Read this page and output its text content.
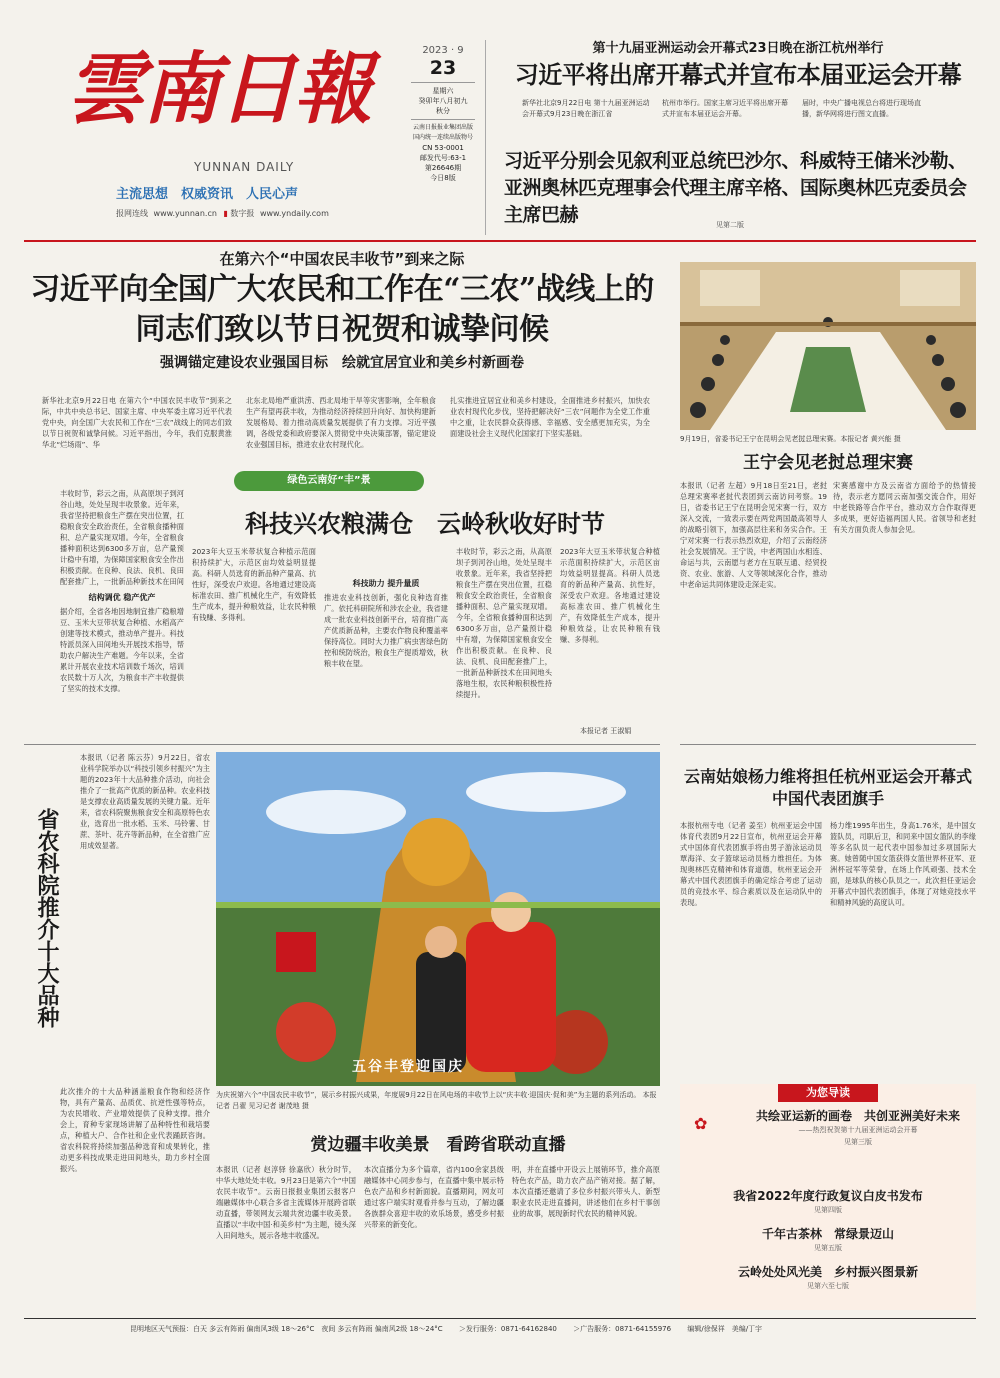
雲南日報
YUNNAN DAILY
主流思想　权威资讯　人民心声
报网连线 www.yunnan.cn ▮ 数字报 www.yndaily.com
2023 · 9
23
星期六
癸卯年八月初九
秋分
云南日报报业集团出版
国内统一连续出版物号
CN 53-0001
邮发代号:63-1
第26646期
今日8版
第十九届亚洲运动会开幕式23日晚在浙江杭州举行
习近平将出席开幕式并宣布本届亚运会开幕
新华社北京9月22日电 第十九届亚洲运动会开幕式9月23日晚在浙江省
杭州市举行。国家主席习近平将出席开幕式并宣布本届亚运会开幕。
届时，中央广播电视总台将进行现场直播，新华网将进行图文直播。
习近平分别会见叙利亚总统巴沙尔、科威特王储米沙勒、亚洲奥林匹克理事会代理主席辛格、国际奥林匹克委员会主席巴赫	见第二版
在第六个“中国农民丰收节”到来之际
习近平向全国广大农民和工作在“三农”战线上的同志们致以节日祝贺和诚挚问候
强调锚定建设农业强国目标　绘就宜居宜业和美乡村新画卷
新华社北京9月22日电 在第六个“中国农民丰收节”到来之际，中共中央总书记、国家主席、中央军委主席习近平代表党中央，向全国广大农民和工作在“三农”战线上的同志们致以节日祝贺和诚挚问候。习近平指出，今年，我们克服黄淮华北“烂场雨”、华
北东北局地严重洪涝、西北局地干旱等灾害影响，全年粮食生产有望再获丰收，为推动经济持续回升向好、加快构建新发展格局、着力推动高质量发展提供了有力支撑。习近平强调，各级党委和政府要深入贯彻党中央决策部署，锚定建设农业强国目标，推进农业农村现代化。
扎实推进宜居宜业和美乡村建设，全面推进乡村振兴，加快农业农村现代化步伐，坚持把解决好“三农”问题作为全党工作重中之重，让农民群众获得感、幸福感、安全感更加充实，为全面建设社会主义现代化国家打下坚实基础。
9月19日，省委书记王宁在昆明会见老挝总理宋赛。本报记者 黄兴能 摄
王宁会见老挝总理宋赛
本报讯（记者 左超）9月18日至21日，老挝总理宋赛率老挝代表团到云南访问考察。19日，省委书记王宁在昆明会见宋赛一行，双方深入交流，一致表示要在两党两国最高领导人的战略引领下，加强高层往来和务实合作。王宁对宋赛一行表示热烈欢迎，介绍了云南经济社会发展情况。王宁说，中老两国山水相连、命运与共，云南愿与老方在互联互通、经贸投资、农业、旅游、人文等领域深化合作，推动中老命运共同体建设走深走实。
宋赛感谢中方及云南省方面给予的热情接待，表示老方愿同云南加强交流合作，用好中老铁路等合作平台，推动双方合作取得更多成果，更好造福两国人民。省领导和老挝有关方面负责人参加会见。
绿色云南好“丰”景
科技兴农粮满仓　云岭秋收好时节
丰收时节，彩云之南，从高原坝子到河谷山地，处处呈现丰收景象。近年来，我省坚持把粮食生产摆在突出位置，扛稳粮食安全政治责任，全省粮食播种面积、总产量实现双增。今年，全省粮食播种面积达到6300多万亩，总产量预计稳中有增，为保障国家粮食安全作出积极贡献。在良种、良法、良机、良田配套推广上，一批新品种新技术在田间
结构调优 稳产优产
据介绍，全省各地因地制宜推广稳粮增豆、玉米大豆带状复合种植、水稻高产创建等技术模式，推动单产提升。科技特派员深入田间地头开展技术指导，帮助农户解决生产难题。今年以来，全省累计开展农业技术培训数千场次，培训农民数十万人次，为粮食丰产丰收提供了坚实的技术支撑。
2023年大豆玉米带状复合种植示范面积持续扩大，示范区亩均效益明显提高。科研人员选育的新品种产量高、抗性好，深受农户欢迎。各地通过建设高标准农田、推广机械化生产，有效降低生产成本，提升种粮效益，让农民种粮有钱赚、多得利。
科技助力 提升量质
推进农业科技创新，强化良种选育推广。依托科研院所和涉农企业，我省建成一批农业科技创新平台，培育推广高产优质新品种，主要农作物良种覆盖率保持高位。同时大力推广病虫害绿色防控和统防统治，粮食生产提质增效，秋粮丰收在望。
丰收时节，彩云之南，从高原坝子到河谷山地，处处呈现丰收景象。近年来，我省坚持把粮食生产摆在突出位置，扛稳粮食安全政治责任，全省粮食播种面积、总产量实现双增。今年，全省粮食播种面积达到6300多万亩，总产量预计稳中有增，为保障国家粮食安全作出积极贡献。在良种、良法、良机、良田配套推广上，一批新品种新技术在田间地头落地生根，农民种粮积极性持续提升。
2023年大豆玉米带状复合种植示范面积持续扩大，示范区亩均效益明显提高。科研人员选育的新品种产量高、抗性好，深受农户欢迎。各地通过建设高标准农田、推广机械化生产，有效降低生产成本，提升种粮效益，让农民种粮有钱赚、多得利。
本报记者 王淑娟
省农科院推介十大品种
本报讯（记者 陈云芬）9月22日，省农业科学院举办以“科技引领乡村振兴”为主题的2023年十大品种推介活动，向社会推介了一批高产优质的新品种。农业科技是支撑农业高质量发展的关键力量。近年来，省农科院聚焦粮食安全和高原特色农业，选育出一批水稻、玉米、马铃薯、甘蔗、茶叶、花卉等新品种，在全省推广应用成效显著。
此次推介的十大品种涵盖粮食作物和经济作物，具有产量高、品质优、抗逆性强等特点，为农民增收、产业增效提供了良种支撑。推介会上，育种专家现场讲解了品种特性和栽培要点，种植大户、合作社和企业代表踊跃咨询。省农科院将持续加强品种选育和成果转化，推动更多科技成果走进田间地头，助力乡村全面振兴。
五谷丰登迎国庆
为庆祝第六个“中国农民丰收节”，展示乡村振兴成果，年度展9月22日在风电场的丰收节上以“庆丰收·迎国庆·促和美”为主题的系列活动。 本报记者 吕翟 见习记者 谢茂地 摄
赏边疆丰收美景　看跨省联动直播
本报讯（记者 赵淳驿 徐嘉欣）秋分时节，中华大地处处丰收。9月23日是第六个“中国农民丰收节”。云南日报报业集团云报客户端融媒体中心联合多省主流媒体开展跨省联动直播，带领网友云端共赏边疆丰收美景。直播以“丰收中国·和美乡村”为主题，镜头深入田间地头，展示各地丰收盛况。
本次直播分为多个篇章，省内100余家县级融媒体中心同步参与，在直播中集中展示特色农产品和乡村新面貌。直播期间，网友可通过客户端实时观看并参与互动，了解边疆各族群众喜迎丰收的欢乐场景，感受乡村振兴带来的新变化。
明，并在直播中开设云上展销环节，推介高原特色农产品，助力农产品产销对接。据了解，本次直播还邀请了多位乡村振兴带头人、新型职业农民走进直播间，讲述他们在乡村干事创业的故事，展现新时代农民的精神风貌。
云南姑娘杨力维将担任杭州亚运会开幕式中国代表团旗手
本报杭州专电（记者 姜至）杭州亚运会中国体育代表团9月22日宣布，杭州亚运会开幕式中国体育代表团旗手将由男子游泳运动员覃海洋、女子篮球运动员杨力维担任。为体现奥林匹克精神和体育道德，杭州亚运会开幕式中国代表团旗手的确定综合考虑了运动员的竞技水平、综合素质以及在运动队中的表现。
杨力维1995年出生，身高1.76米，是中国女篮队员，司职后卫，和同来中国女篮队的李缘等多名队员一起代表中国参加过多项国际大赛。她曾随中国女篮获得女篮世界杯亚军、亚洲杯冠军等荣誉，在场上作风顽强、技术全面，是球队的核心队员之一。此次担任亚运会开幕式中国代表团旗手，体现了对她竞技水平和精神风貌的高度认可。
为您导读
共绘亚运新的画卷　共创亚洲美好未来
——热烈祝贺第十九届亚洲运动会开幕
见第三版
✿
我省2022年度行政复议白皮书发布
见第四版
千年古茶林　常绿景迈山
见第五版
云岭处处风光美　乡村振兴图景新
见第六至七版
昆明地区天气预报：白天 多云有阵雨 偏南风3级 18～26°C　夜间 多云有阵雨 偏南风2级 18～24°C ＞发行服务：0871-64162840 ＞广告服务：0871-64155976 编辑/徐保祥　美编/丁宇
